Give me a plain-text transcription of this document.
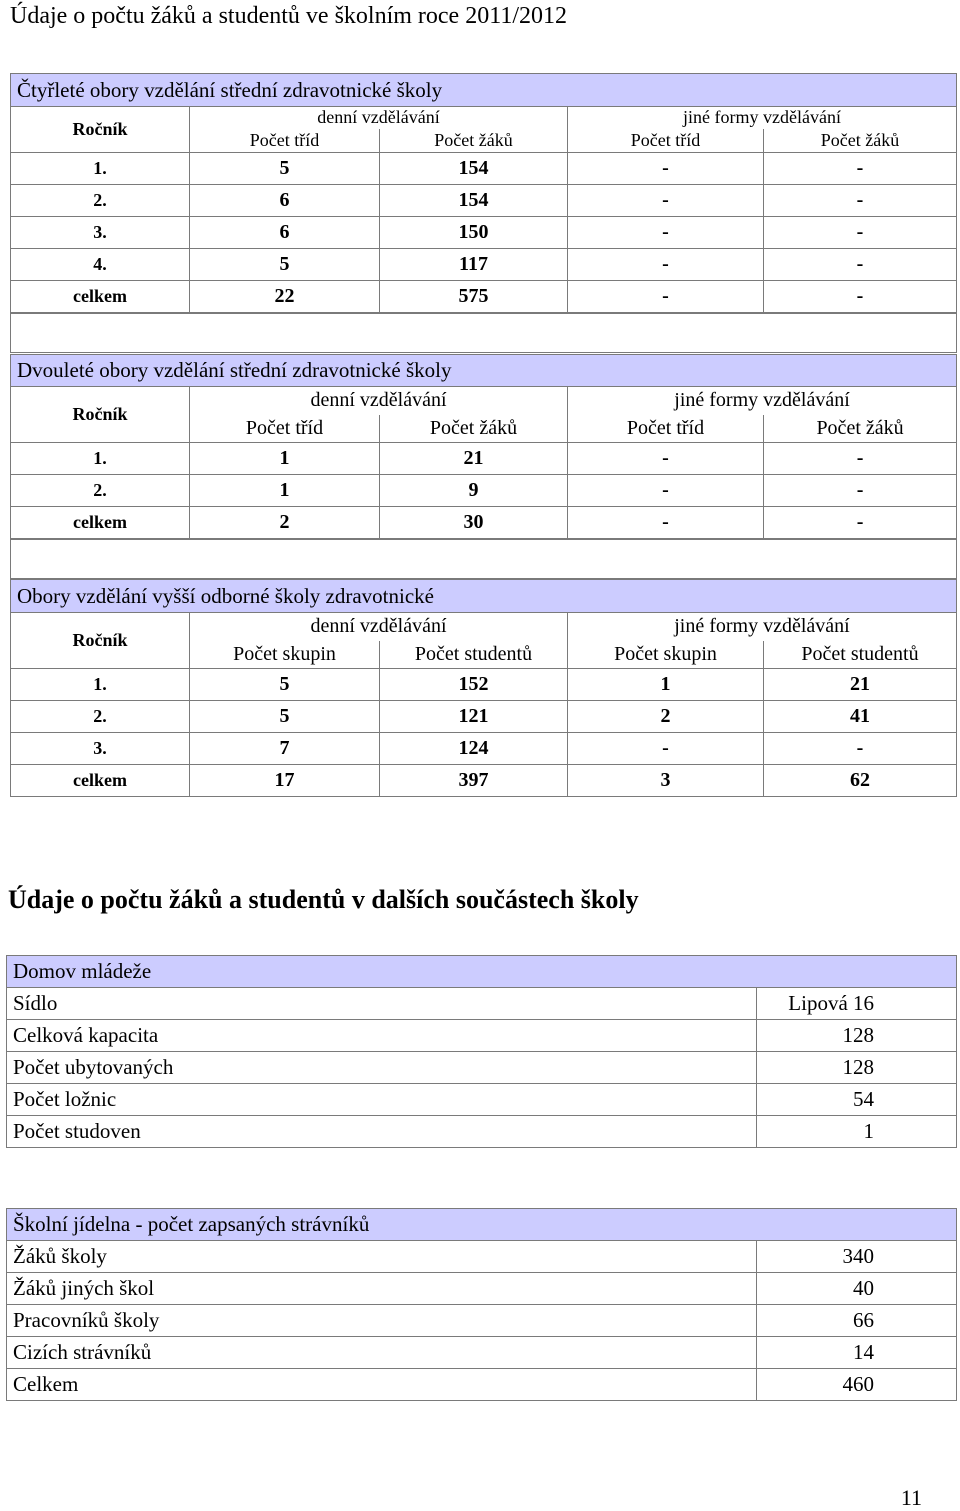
Údaje o počtu žáků a studentů ve školním roce 2011/2012
Čtyřleté obory vzdělání střední zdravotnické školy				
Ročník	denní vzdělávání		jiné formy vzdělávání	
	Počet tříd	Počet žáků	Počet tříd	Počet žáků
1.	5	154	-	-
2.	6	154	-	-
3.	6	150	-	-
4.	5	117	-	-
celkem	22	575	-	-

Dvouleté obory vzdělání střední zdravotnické školy				
Ročník	denní vzdělávání		jiné formy vzdělávání	
	Počet tříd	Počet žáků	Počet tříd	Počet žáků
1.	1	21	-	-
2.	1	9	-	-
celkem	2	30	-	-

Obory vzdělání vyšší odborné školy zdravotnické				
Ročník	denní vzdělávání		jiné formy vzdělávání	
	Počet skupin	Počet studentů	Počet skupin	Počet studentů
1.	5	152	1	21
2.	5	121	2	41
3.	7	124	-	-
celkem	17	397	3	62
Údaje o počtu žáků a studentů v dalších součástech školy
Domov mládeže	
Sídlo	Lipová 16
Celková kapacita	128
Počet ubytovaných	128
Počet ložnic	54
Počet studoven	1
Školní jídelna - počet zapsaných strávníků	
Žáků školy	340
Žáků jiných škol	40
Pracovníků školy	66
Cizích strávníků	14
Celkem	460
11
